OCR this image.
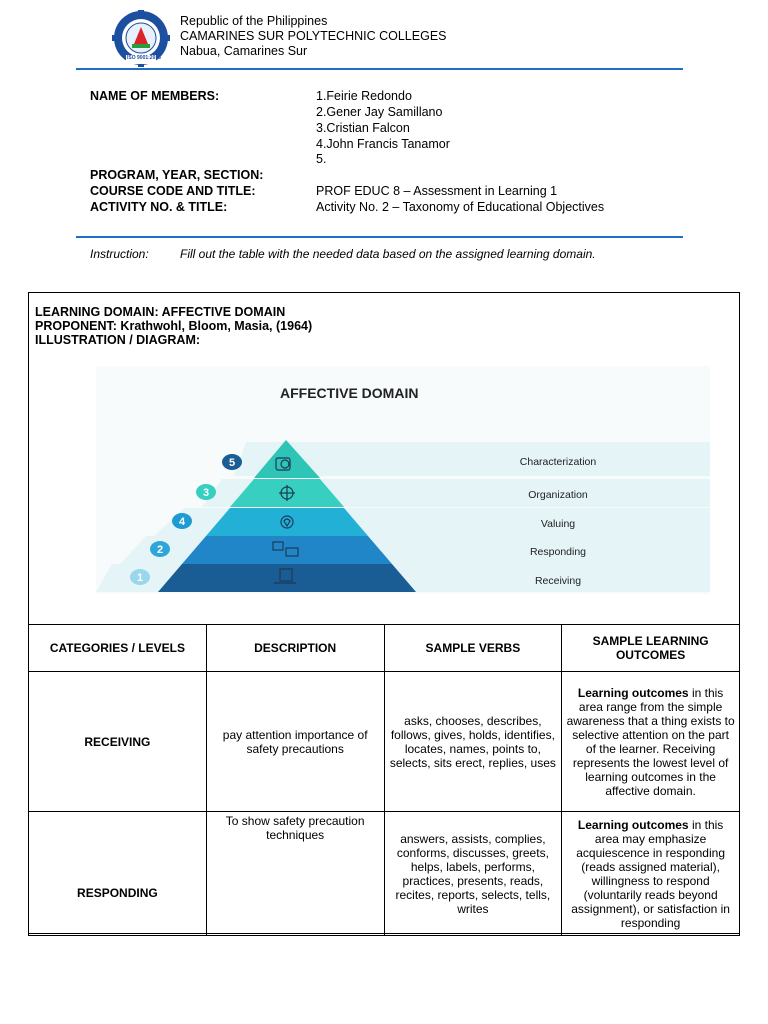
ISO 9001:2015
Republic of the Philippines
CAMARINES SUR POLYTECHNIC COLLEGES
Nabua, Camarines Sur
NAME OF MEMBERS:	1.Feirie Redondo
2.Gener Jay Samillano
3.Cristian Falcon
4.John Francis Tanamor
5.
PROGRAM, YEAR, SECTION:
COURSE CODE AND TITLE:	PROF EDUC 8 – Assessment in Learning 1
ACTIVITY NO. & TITLE:	Activity No. 2 – Taxonomy of Educational Objectives
Instruction:	Fill out the table with the needed data based on the assigned learning domain.
LEARNING DOMAIN: AFFECTIVE DOMAIN
PROPONENT: Krathwohl, Bloom, Masia, (1964)
ILLUSTRATION / DIAGRAM:
AFFECTIVE DOMAIN
5
3
4
2
1
Characterization
Organization
Valuing
Responding
Receiving
CATEGORIES / LEVELS	DESCRIPTION	SAMPLE VERBS	SAMPLE LEARNING OUTCOMES
RECEIVING	pay attention importance of safety precautions	asks, chooses, describes, follows, gives, holds, identifies, locates, names, points to, selects, sits erect, replies, uses	Learning outcomes in this area range from the simple awareness that a thing exists to selective attention on the part of the learner. Receiving represents the lowest level of learning outcomes in the affective domain.
RESPONDING	To show safety precaution techniques	answers, assists, complies, conforms, discusses, greets, helps, labels, performs, practices, presents, reads, recites, reports, selects, tells, writes	Learning outcomes in this area may emphasize acquiescence in responding (reads assigned material), willingness to respond (voluntarily reads beyond assignment), or satisfaction in responding
